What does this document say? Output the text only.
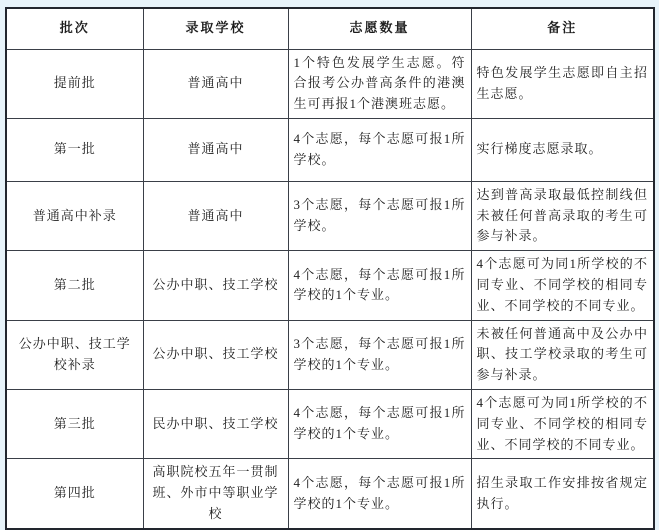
批次	录取学校	志愿数量	备注
提前批	普通高中	1个特色发展学生志愿。符合报考公办普高条件的港澳生可再报1个港澳班志愿。	特色发展学生志愿即自主招生志愿。
第一批	普通高中	4个志愿，每个志愿可报1所学校。	实行梯度志愿录取。
普通高中补录	普通高中	3个志愿，每个志愿可报1所学校。	达到普高录取最低控制线但未被任何普高录取的考生可参与补录。
第二批	公办中职、技工学校	4个志愿，每个志愿可报1所学校的1个专业。	4个志愿可为同1所学校的不同专业、不同学校的相同专业、不同学校的不同专业。
公办中职、技工学校补录	公办中职、技工学校	3个志愿，每个志愿可报1所学校的1个专业。	未被任何普通高中及公办中职、技工学校录取的考生可参与补录。
第三批	民办中职、技工学校	4个志愿，每个志愿可报1所学校的1个专业。	4个志愿可为同1所学校的不同专业、不同学校的相同专业、不同学校的不同专业。
第四批	高职院校五年一贯制班、外市中等职业学校	4个志愿，每个志愿可报1所学校的1个专业。	招生录取工作安排按省规定执行。
